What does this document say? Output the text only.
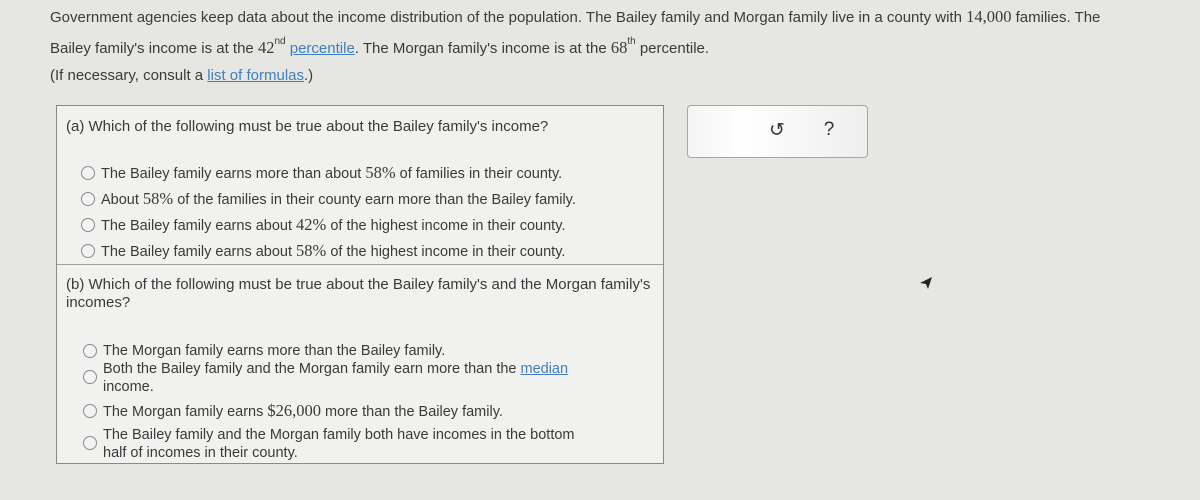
Government agencies keep data about the income distribution of the population. The Bailey family and Morgan family live in a county with 14,000 families. The
Bailey family's income is at the 42nd percentile. The Morgan family's income is at the 68th percentile.
(If necessary, consult a list of formulas.)
(a) Which of the following must be true about the Bailey family's income?
The Bailey family earns more than about 58% of families in their county.
About 58% of the families in their county earn more than the Bailey family.
The Bailey family earns about 42% of the highest income in their county.
The Bailey family earns about 58% of the highest income in their county.
(b) Which of the following must be true about the Bailey family's and the Morgan family's incomes?
The Morgan family earns more than the Bailey family.
Both the Bailey family and the Morgan family earn more than the median
income.
The Morgan family earns $26,000 more than the Bailey family.
The Bailey family and the Morgan family both have incomes in the bottom
half of incomes in their county.
↺	?
